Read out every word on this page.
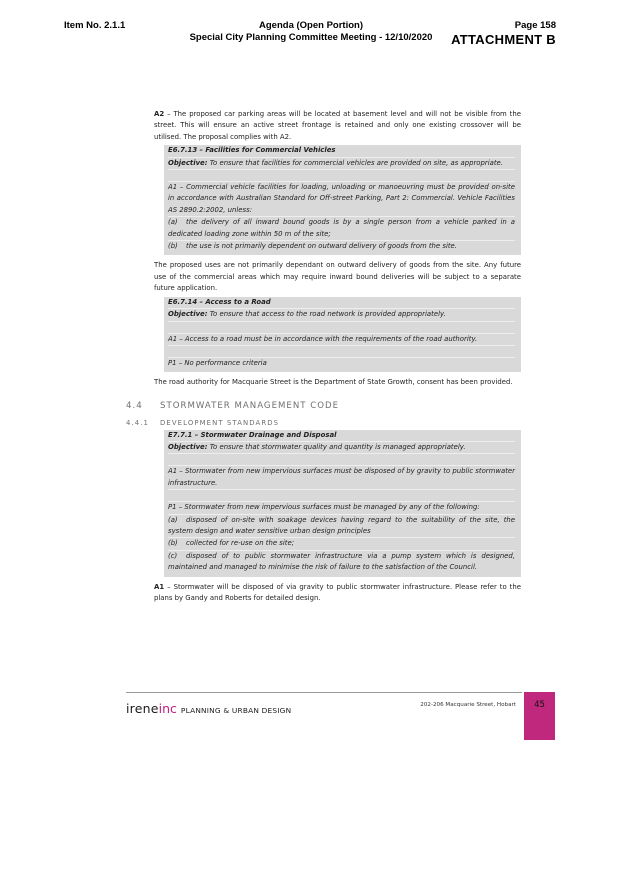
Item No. 2.1.1	Agenda (Open Portion)
Special City Planning Committee Meeting - 12/10/2020
Page 158
ATTACHMENT B

A2 – The proposed car parking areas will be located at basement level and will not be visible from the street. This will ensure an active street frontage is retained and only one existing crossover will be utilised. The proposal complies with A2.

E6.7.13 – Facilities for Commercial Vehicles
Objective: To ensure that facilities for commercial vehicles are provided on site, as appropriate.
A1 – Commercial vehicle facilities for loading, unloading or manoeuvring must be provided on-site in accordance with Australian Standard for Off-street Parking, Part 2: Commercial. Vehicle Facilities AS 2890.2:2002, unless:
(a) the delivery of all inward bound goods is by a single person from a vehicle parked in a dedicated loading zone within 50 m of the site;
(b) the use is not primarily dependent on outward delivery of goods from the site.

The proposed uses are not primarily dependant on outward delivery of goods from the site. Any future use of the commercial areas which may require inward bound deliveries will be subject to a separate future application.

E6.7.14 – Access to a Road
Objective: To ensure that access to the road network is provided appropriately.
A1 – Access to a road must be in accordance with the requirements of the road authority.
P1 – No performance criteria

The road authority for Macquarie Street is the Department of State Growth, consent has been provided.

4.4 STORMWATER MANAGEMENT CODE
4.4.1 DEVELOPMENT STANDARDS
E7.7.1 – Stormwater Drainage and Disposal
Objective: To ensure that stormwater quality and quantity is managed appropriately.
A1 – Stormwater from new impervious surfaces must be disposed of by gravity to public stormwater infrastructure.
P1 – Stormwater from new impervious surfaces must be managed by any of the following:
(a) disposed of on-site with soakage devices having regard to the suitability of the site, the system design and water sensitive urban design principles
(b) collected for re-use on the site;
(c) disposed of to public stormwater infrastructure via a pump system which is designed, maintained and managed to minimise the risk of failure to the satisfaction of the Council.

A1 – Stormwater will be disposed of via gravity to public stormwater infrastructure. Please refer to the plans by Gandy and Roberts for detailed design.

ireneinc PLANNING & URBAN DESIGN
202-206 Macquarie Street, Hobart	45
